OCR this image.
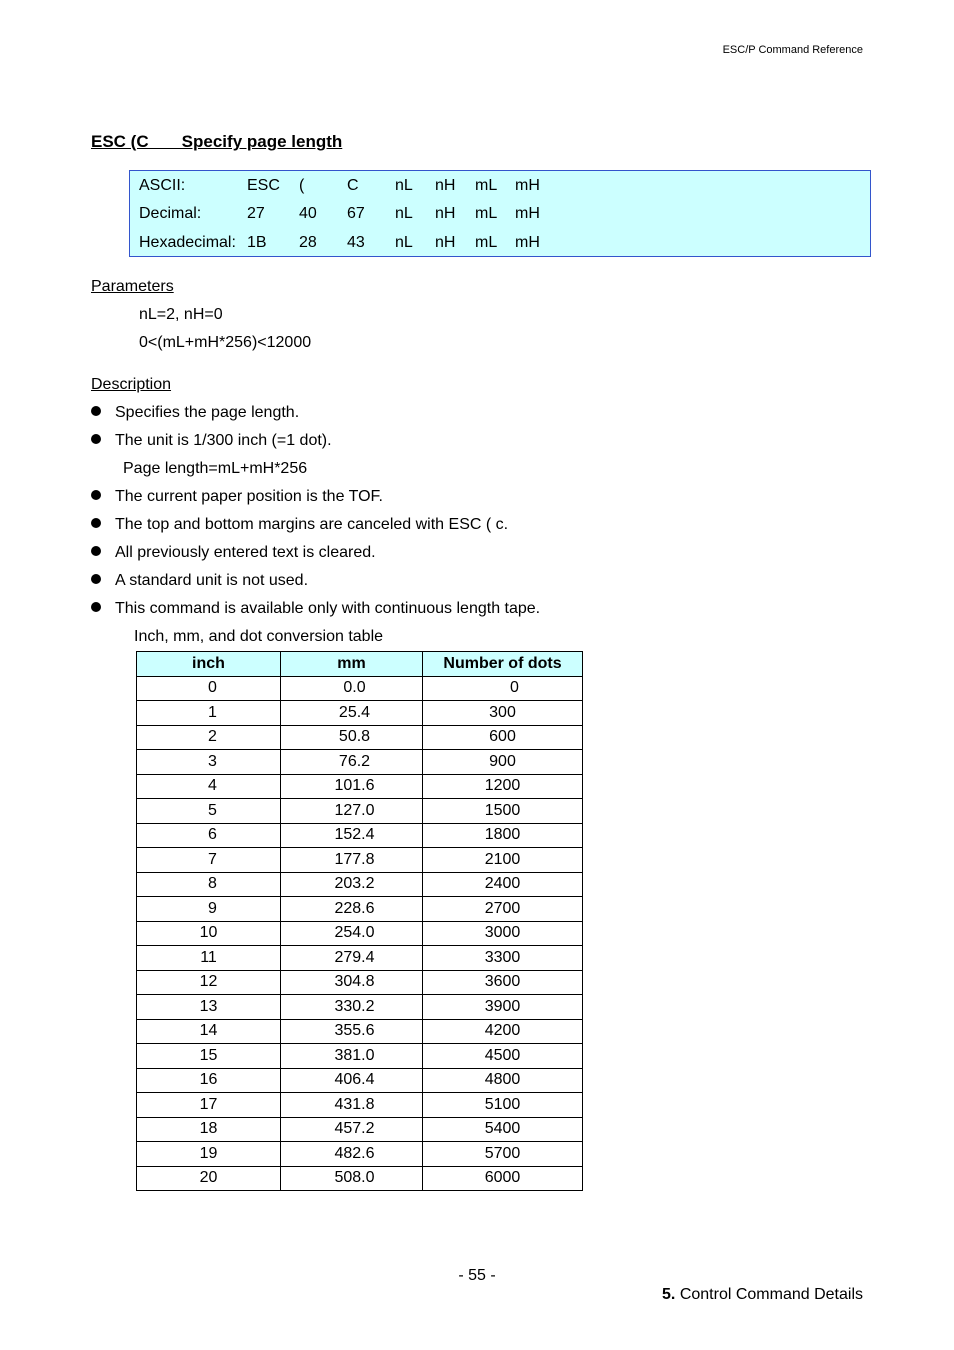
ESC/P Command Reference
ESC (C       Specify page length
ASCII:	ESC (	C nL nH mL mH
Decimal:	27 40 67 nL nH mL mH
Hexadecimal: 1B 28 43 nL nH mL mH
Parameters
nL=2, nH=0
0<(mL+mH*256)<12000
Description
Specifies the page length.
The unit is 1/300 inch (=1 dot).
Page length=mL+mH*256
The current paper position is the TOF.
The top and bottom margins are canceled with ESC ( c.
All previously entered text is cleared.
A standard unit is not used.
This command is available only with continuous length tape.
Inch, mm, and dot conversion table
inch	mm	Number of dots
0	0.0	0
1	25.4	300
2	50.8	600
3	76.2	900
4	101.6	1200
5	127.0	1500
6	152.4	1800
7	177.8	2100
8	203.2	2400
9	228.6	2700
10	254.0	3000
11	279.4	3300
12	304.8	3600
13	330.2	3900
14	355.6	4200
15	381.0	4500
16	406.4	4800
17	431.8	5100
18	457.2	5400
19	482.6	5700
20	508.0	6000
- 55 -
5. Control Command Details
